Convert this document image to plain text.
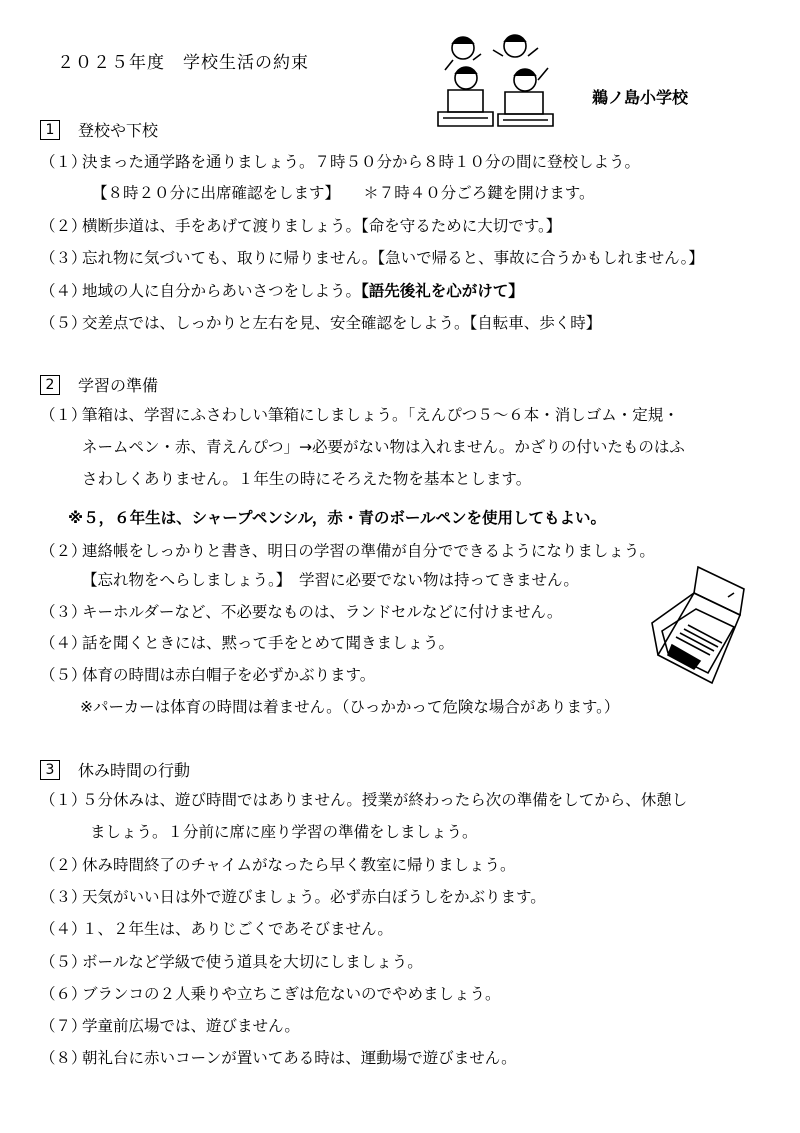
２０２５年度　学校生活の約束
鵜ノ島小学校
1 登校や下校
（１）決まった通学路を通りましょう。７時５０分から８時１０分の間に登校しよう。
【８時２０分に出席確認をします】　　＊７時４０分ごろ鍵を開けます。
（２）横断歩道は、手をあげて渡りましょう。【命を守るために大切です。】
（３）忘れ物に気づいても、取りに帰りません。【急いで帰ると、事故に合うかもしれません。】
（４）地域の人に自分からあいさつをしよう。【語先後礼を心がけて】
（５）交差点では、しっかりと左右を見、安全確認をしよう。【自転車、歩く時】
2 学習の準備
（１）筆箱は、学習にふさわしい筆箱にしましょう。「えんぴつ５～６本・消しゴム・定規・
ネームペン・赤、青えんぴつ」→必要がない物は入れません。かざりの付いたものはふ
さわしくありません。１年生の時にそろえた物を基本とします。
※５，６年生は、シャープペンシル，赤・青のボールペンを使用してもよい。
（２）連絡帳をしっかりと書き、明日の学習の準備が自分でできるようになりましょう。
【忘れ物をへらしましょう。】　学習に必要でない物は持ってきません。
（３）キーホルダーなど、不必要なものは、ランドセルなどに付けません。
（４）話を聞くときには、黙って手をとめて聞きましょう。
（５）体育の時間は赤白帽子を必ずかぶります。
※パーカーは体育の時間は着ません。（ひっかかって危険な場合があります。）
3 休み時間の行動
（１）５分休みは、遊び時間ではありません。授業が終わったら次の準備をしてから、休憩し
ましょう。１分前に席に座り学習の準備をしましょう。
（２）休み時間終了のチャイムがなったら早く教室に帰りましょう。
（３）天気がいい日は外で遊びましょう。必ず赤白ぼうしをかぶります。
（４）１、２年生は、ありじごくであそびません。
（５）ボールなど学級で使う道具を大切にしましょう。
（６）ブランコの２人乗りや立ちこぎは危ないのでやめましょう。
（７）学童前広場では、遊びません。
（８）朝礼台に赤いコーンが置いてある時は、運動場で遊びません。
